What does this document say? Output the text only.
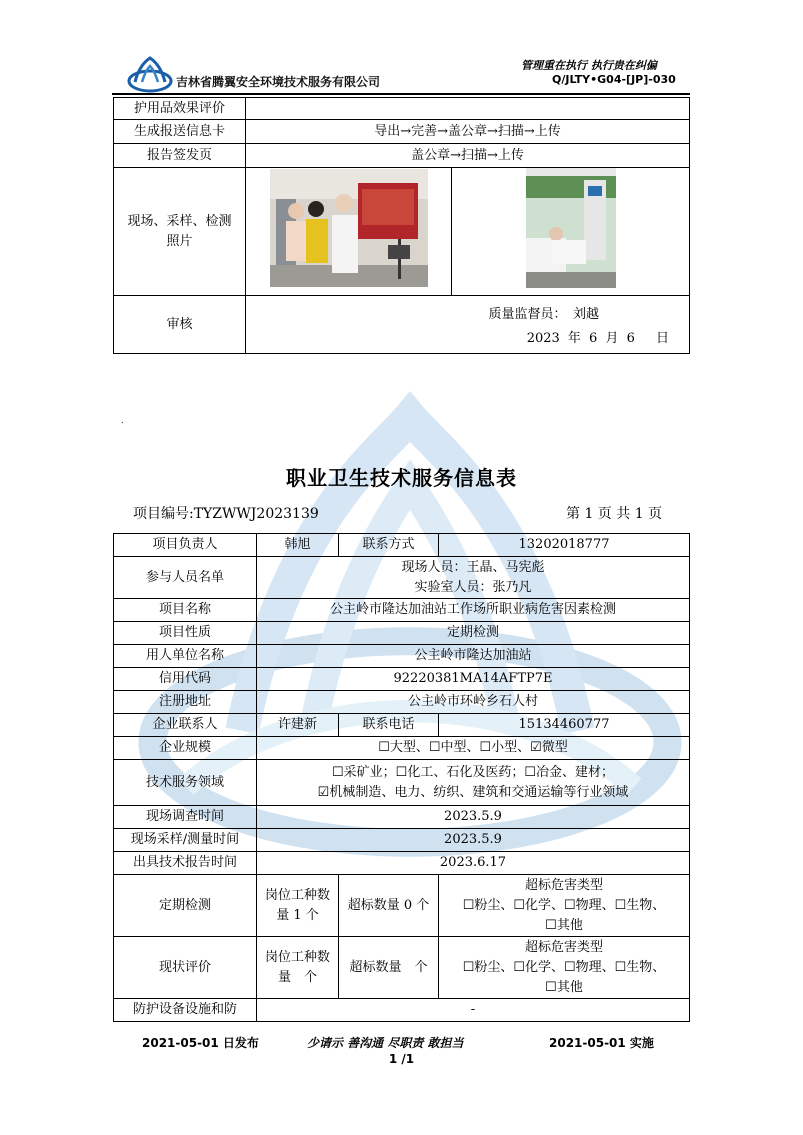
吉林省腾翼安全环境技术服务有限公司
管理重在执行 执行贵在纠偏
Q/JLTY•G04-[JP]-030
护用品效果评价		
生成报送信息卡	导出→完善→盖公章→扫描→上传	
报告签发页	盖公章→扫描→上传	
现场、采样、检测照片		
审核	质量监督员：　刘越
2023 年 6 月 6 　日	
.
职业卫生技术服务信息表
项目编号:TYZWWJ2023139	第 1 页 共 1 页
项目负责人	韩旭	联系方式	13202018777
参与人员名单	现场人员：王晶、马宪彪
实验室人员：张乃凡		

项目名称	公主岭市隆达加油站工作场所职业病危害因素检测		
项目性质	定期检测		
用人单位名称	公主岭市隆达加油站		
信用代码	92220381MA14AFTP7E		
注册地址	公主岭市环岭乡石人村		
企业联系人	许建新	联系电话	15134460777
企业规模	☐大型、☐中型、☐小型、☑微型		
技术服务领域	☐采矿业；☐化工、石化及医药；☐冶金、建材；
☑机械制造、电力、纺织、建筑和交通运输等行业领域		

现场调查时间	2023.5.9		
现场采样/测量时间	2023.5.9		
出具技术报告时间	2023.6.17		
定期检测	岗位工种数量 1 个	超标数量 0 个	超标危害类型
☐粉尘、☐化学、☐物理、☐生物、
☐其他

现状评价	岗位工种数量　个	超标数量　个	超标危害类型
☐粉尘、☐化学、☐物理、☐生物、
☐其他

防护设备设施和防	-		
2021-05-01 日发布	少请示 善沟通 尽职责 敢担当	2021-05-01 实施
1 /1
